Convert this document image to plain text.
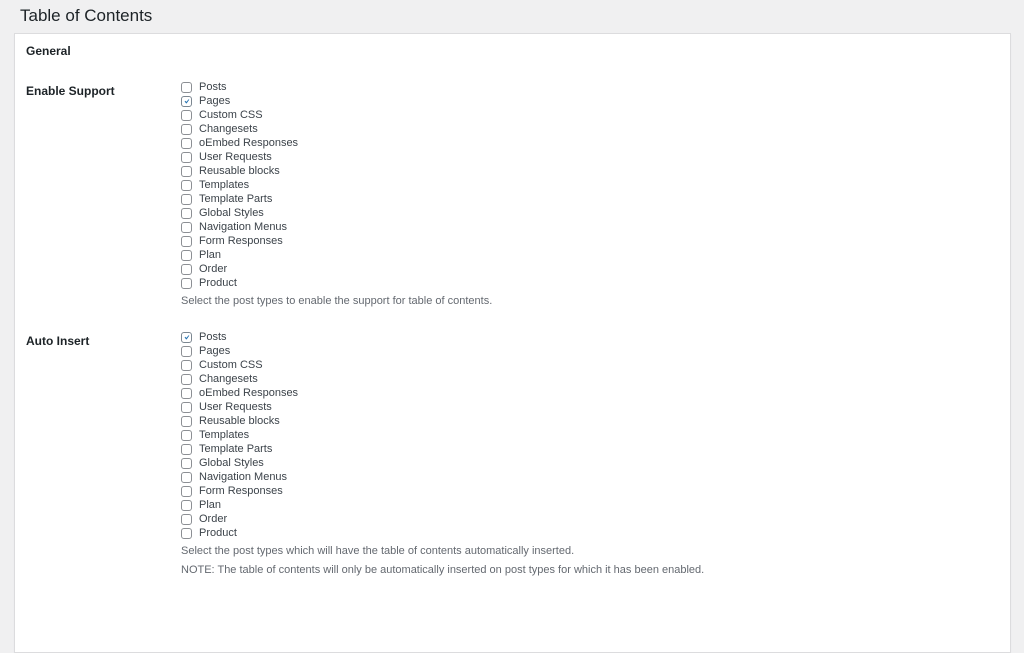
Table of Contents
General
Enable Support	Posts
Pages
Custom CSS
Changesets
oEmbed Responses
User Requests
Reusable blocks
Templates
Template Parts
Global Styles
Navigation Menus
Form Responses
Plan
Order
Product

Select the post types to enable the support for table of contents.

Auto Insert	Posts
Pages
Custom CSS
Changesets
oEmbed Responses
User Requests
Reusable blocks
Templates
Template Parts
Global Styles
Navigation Menus
Form Responses
Plan
Order
Product

Select the post types which will have the table of contents automatically inserted.

NOTE: The table of contents will only be automatically inserted on post types for which it has been enabled.
